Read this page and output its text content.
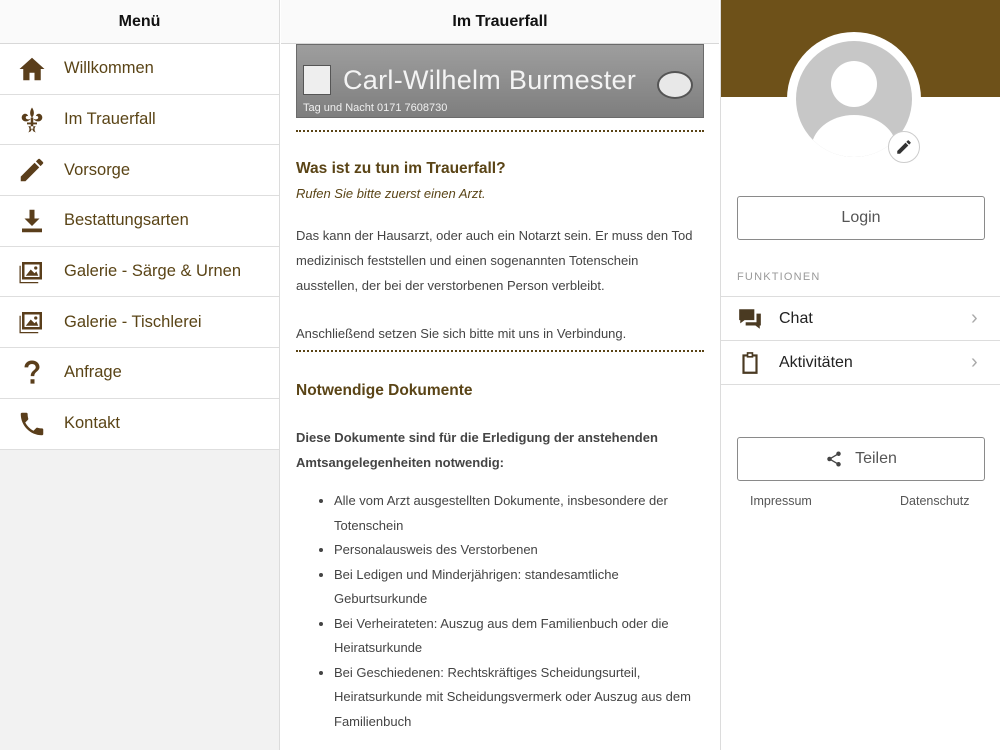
Menü
Willkommen
Im Trauerfall
Vorsorge
Bestattungsarten
Galerie - Särge & Urnen
Galerie - Tischlerei
Anfrage
Kontakt
Im Trauerfall
Carl-Wilhelm Burmester
Tag und Nacht 0171 7608730
Was ist zu tun im Trauerfall?
Rufen Sie bitte zuerst einen Arzt.

Das kann der Hausarzt, oder auch ein Notarzt sein. Er muss den Tod medizinisch feststellen und einen sogenannten Totenschein ausstellen, der bei der verstorbenen Person verbleibt.

Anschließend setzen Sie sich bitte mit uns in Verbindung.

Notwendige Dokumente

Diese Dokumente sind für die Erledigung der anstehenden Amtsangelegenheiten notwendig:

• Alle vom Arzt ausgestellten Dokumente, insbesondere der Totenschein
• Personalausweis des Verstorbenen
• Bei Ledigen und Minderjährigen: standesamtliche Geburtsurkunde
• Bei Verheirateten: Auszug aus dem Familienbuch oder die Heiratsurkunde
• Bei Geschiedenen: Rechtskräftiges Scheidungsurteil, Heiratsurkunde mit Scheidungsvermerk oder Auszug aus dem Familienbuch
Login
FUNKTIONEN
Chat	›
Aktivitäten	›
Teilen
Impressum	Datenschutz
